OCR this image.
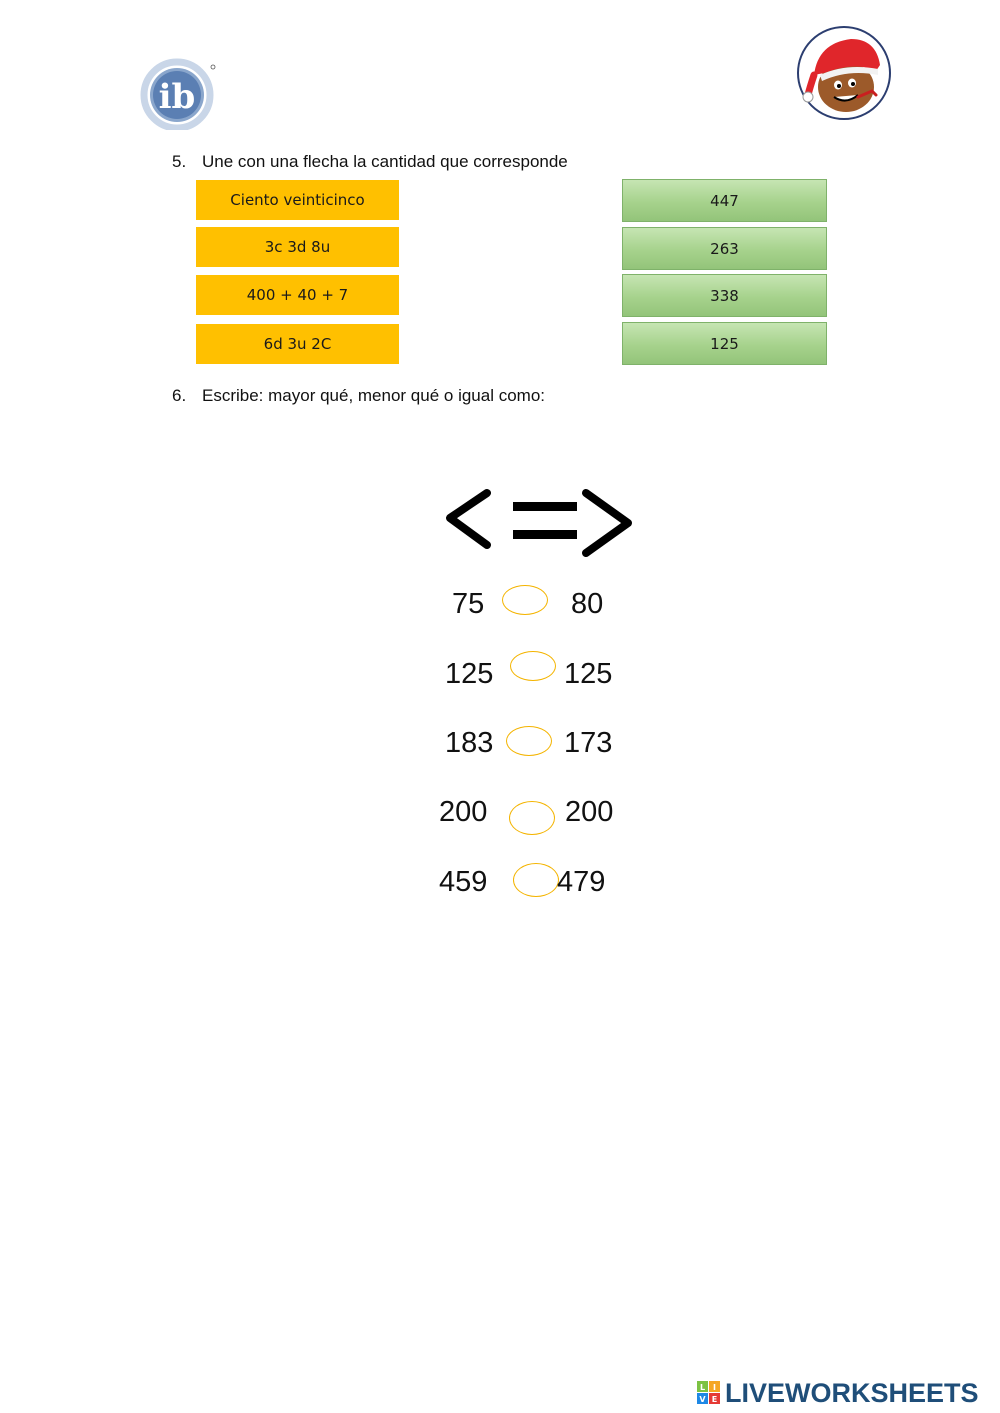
ib
5. Une con una flecha la cantidad que corresponde
Ciento veinticinco
3c 3d 8u
400 + 40 + 7
6d 3u 2C
447
263
338
125
6. Escribe: mayor qué, menor qué o igual como:
75	80
125 125
183 173
200	200
459 479
L I
V E LIVEWORKSHEETS
